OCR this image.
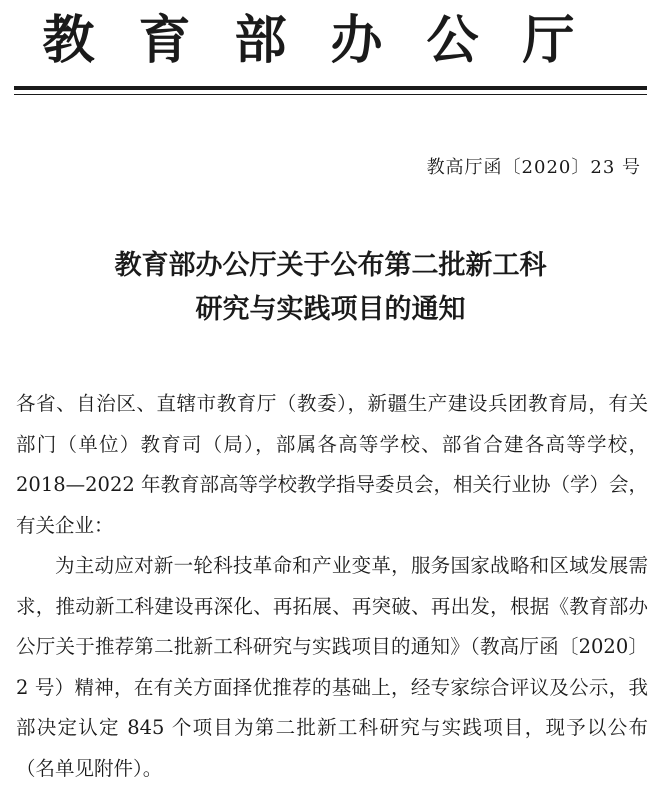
教育部办公厅
教高厅函〔2020〕23 号
教育部办公厅关于公布第二批新工科
研究与实践项目的通知

各省、自治区、直辖市教育厅（教委），新疆生产建设兵团教育局，有关部门（单位）教育司（局），部属各高等学校、部省合建各高等学校，2018—2022 年教育部高等学校教学指导委员会，相关行业协（学）会，有关企业：

为主动应对新一轮科技革命和产业变革，服务国家战略和区域发展需求，推动新工科建设再深化、再拓展、再突破、再出发，根据《教育部办公厅关于推荐第二批新工科研究与实践项目的通知》（教高厅函〔2020〕2 号）精神，在有关方面择优推荐的基础上，经专家综合评议及公示，我部决定认定 845 个项目为第二批新工科研究与实践项目，现予以公布（名单见附件）。
